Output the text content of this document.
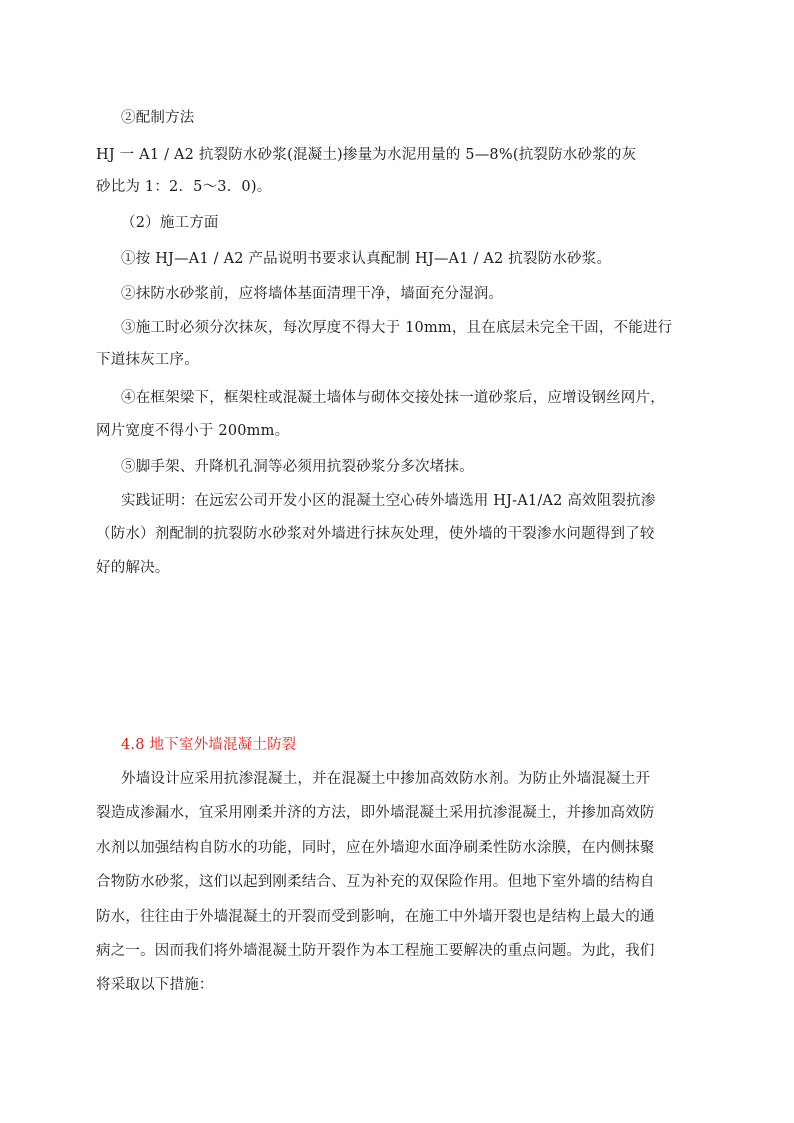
②配制方法
HJ 一 A1 / A2 抗裂防水砂浆(混凝土)掺量为水泥用量的 5—8%(抗裂防水砂浆的灰
砂比为 1：2．5～3．0)。
（2）施工方面
①按 HJ—A1 / A2 产品说明书要求认真配制 HJ—A1 / A2 抗裂防水砂浆。
②抹防水砂浆前，应将墙体基面清理干净，墙面充分湿润。
③施工时必须分次抹灰，每次厚度不得大于 10mm，且在底层未完全干固，不能进行
下道抹灰工序。
④在框架梁下，框架柱或混凝土墙体与砌体交接处抹一道砂浆后，应增设钢丝网片，
网片宽度不得小于 200mm。
⑤脚手架、升降机孔洞等必须用抗裂砂浆分多次堵抹。
实践证明：在远宏公司开发小区的混凝土空心砖外墙选用 HJ-A1/A2 高效阻裂抗渗
（防水）剂配制的抗裂防水砂浆对外墙进行抹灰处理，使外墙的干裂渗水问题得到了较
好的解决。
4.8 地下室外墙混凝土防裂
外墙设计应采用抗渗混凝土，并在混凝土中掺加高效防水剂。为防止外墙混凝土开
裂造成渗漏水，宜采用刚柔并济的方法，即外墙混凝土采用抗渗混凝土，并掺加高效防
水剂以加强结构自防水的功能，同时，应在外墙迎水面净刷柔性防水涂膜，在内侧抹聚
合物防水砂浆，这们以起到刚柔结合、互为补充的双保险作用。但地下室外墙的结构自
防水，往往由于外墙混凝土的开裂而受到影响，在施工中外墙开裂也是结构上最大的通
病之一。因而我们将外墙混凝土防开裂作为本工程施工要解决的重点问题。为此，我们
将采取以下措施：
